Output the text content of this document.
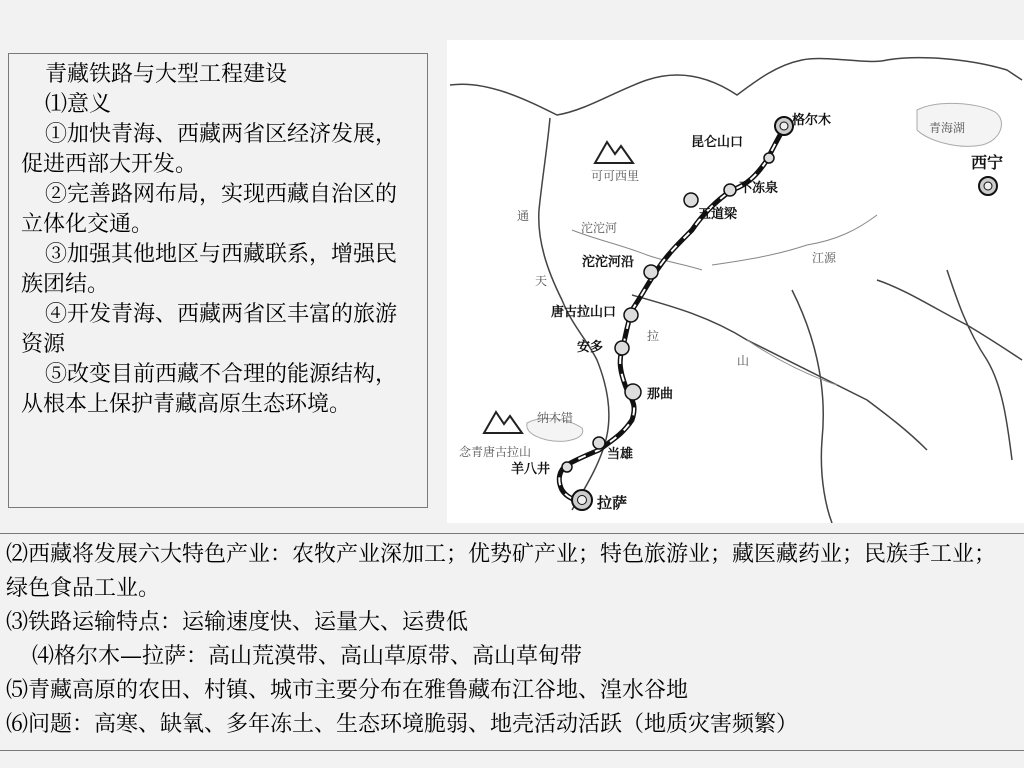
青藏铁路与大型工程建设

⑴意义

①加快青海、西藏两省区经济发展，促进西部大开发。

②完善路网布局，实现西藏自治区的立体化交通。

③加强其他地区与西藏联系，增强民族团结。

④开发青海、西藏两省区丰富的旅游资源

⑤改变目前西藏不合理的能源结构，从根本上保护青藏高原生态环境。

格尔木
昆仑山口
不冻泉
五道梁
沱沱河沿
唐古拉山口
安多
那曲
当雄
羊八井
拉萨
西宁
可可西里
青海湖
沱沱河
通
天
江源
拉
山
纳木错
念青唐古拉山

⑵西藏将发展六大特色产业：农牧产业深加工；优势矿产业；特色旅游业；藏医藏药业；民族手工业；绿色食品工业。

⑶铁路运输特点：运输速度快、运量大、运费低

⑷格尔木—拉萨：高山荒漠带、高山草原带、高山草甸带

⑸青藏高原的农田、村镇、城市主要分布在雅鲁藏布江谷地、湟水谷地

⑹问题：高寒、缺氧、多年冻土、生态环境脆弱、地壳活动活跃（地质灾害频繁）
